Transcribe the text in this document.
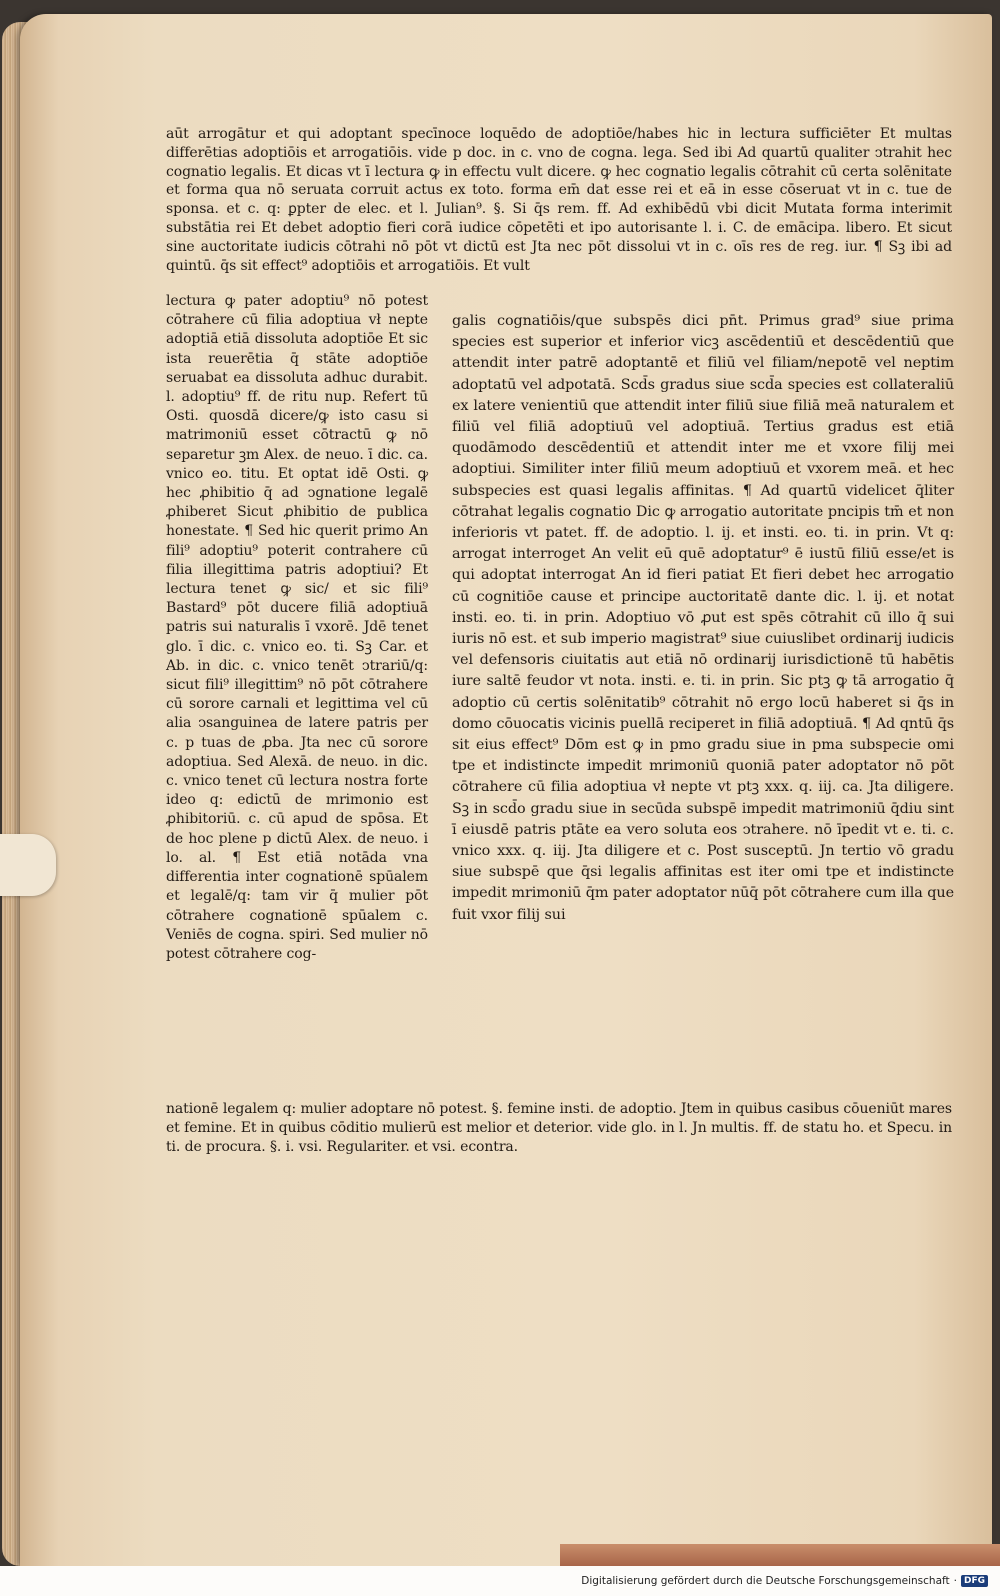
aūt arrogātur et qui adoptant specīnoce loquēdo de adoptiōe/habes hic in lectura sufficiēter Et multas differētias adoptiōis et arrogatiōis. vide p doc. in c. vno de cogna. lega. Sed ibi Ad quartū qualiter ↄtrahit hec cognatio legalis. Et dicas vt ī lectura ꝙ in effectu vult dicere. ꝙ hec cognatio legalis cōtrahit cū certa solēnitate et forma qua nō seruata corruit actus ex toto. forma em̄ dat esse rei et eā in esse cōseruat vt in c. tue de sponsa. et c. q: ꝑpter de elec. et l. Julian⁹. §. Si q̄s rem. ff. Ad exhibēdū vbi dicit Mutata forma interimit substātia rei Et debet adoptio fieri corā iudice cōpetēti et ipo autorisante l. i. C. de emācipa. libero. Et sicut sine auctoritate iudicis cōtrahi nō pōt vt dictū est Jta nec pōt dissolui vt in c. oīs res de reg. iur. ¶ Sꝫ ibi ad quintū. q̄s sit effect⁹ adoptiōis et arrogatiōis. Et vult
lectura ꝙ pater adoptiu⁹ nō potest cōtrahere cū filia adoptiua vł nepte adoptiā etiā dissoluta adoptiōe Et sic ista reuerētia q̄ stāte adoptiōe seruabat ea dissoluta adhuc durabit. l. adoptiu⁹ ff. de ritu nup. Refert tū Osti. quosdā dicere/ꝙ isto casu si matrimoniū esset cōtractū ꝙ nō separetur ꝫm Alex. de neuo. ī dic. ca. vnico eo. titu. Et optat idē Osti. ꝙ hec ꝓhibitio q̄ ad ↄgnatione legalē ꝓhiberet Sicut ꝓhibitio de publica honestate. ¶ Sed hic querit primo An fili⁹ adoptiu⁹ poterit contrahere cū filia illegittima patris adoptiui? Et lectura tenet ꝙ sic/ et sic fili⁹ Bastard⁹ pōt ducere filiā adoptiuā patris sui naturalis ī vxorē. Jdē tenet glo. ī dic. c. vnico eo. ti. Sꝫ Car. et Ab. in dic. c. vnico tenēt ↄtrariū/q: sicut fili⁹ illegittim⁹ nō pōt cōtrahere cū sorore carnali et legittima vel cū alia ↄsanguinea de latere patris per c. p tuas de ꝓba. Jta nec cū sorore adoptiua. Sed Alexā. de neuo. in dic. c. vnico tenet cū lectura nostra forte ideo q: edictū de mrimonio est ꝓhibitoriū. c. cū apud de spōsa. Et de hoc plene p dictū Alex. de neuo. i lo. al. ¶ Est etiā notāda vna differentia inter cognationē spūalem et legalē/q: tam vir q̄ mulier pōt cōtrahere cognationē spūalem c. Veniēs de cogna. spiri. Sed mulier nō potest cōtrahere cog-
galis cognatiōis/que subspēs dici pn̄t. Primus grad⁹ siue prima species est superior et inferior vicꝫ ascēdentiū et descēdentiū que attendit inter patrē adoptantē et filiū vel filiam/nepotē vel neptim adoptatū vel adpotatā. Scd̄s gradus siue scd̄a species est collateraliū ex latere venientiū que attendit inter filiū siue filiā meā naturalem et filiū vel filiā adoptiuū vel adoptiuā. Tertius gradus est etiā quodāmodo descēdentiū et attendit inter me et vxore filij mei adoptiui. Similiter inter filiū meum adoptiuū et vxorem meā. et hec subspecies est quasi legalis affinitas. ¶ Ad quartū videlicet q̄liter cōtrahat legalis cognatio Dic ꝙ arrogatio autoritate pncipis tm̄ et non inferioris vt patet. ff. de adoptio. l. ij. et insti. eo. ti. in prin. Vt q: arrogat interroget An velit eū quē adoptatur⁹ ē iustū filiū esse/et is qui adoptat interrogat An id fieri patiat Et fieri debet hec arrogatio cū cognitiōe cause et principe auctoritatē dante dic. l. ij. et notat insti. eo. ti. in prin. Adoptiuo vō ꝓut est spēs cōtrahit cū illo q̄ sui iuris nō est. et sub imperio magistrat⁹ siue cuiuslibet ordinarij iudicis vel defensoris ciuitatis aut etiā nō ordinarij iurisdictionē tū habētis iure saltē feudor vt nota. insti. e. ti. in prin. Sic ptꝫ ꝙ tā arrogatio q̄ adoptio cū certis solēnitatib⁹ cōtrahit nō ergo locū haberet si q̄s in domo cōuocatis vicinis puellā reciperet in filiā adoptiuā. ¶ Ad qntū q̄s sit eius effect⁹ Dōm est ꝙ in pmo gradu siue in pma subspecie omi tpe et indistincte impedit mrimoniū quoniā pater adoptator nō pōt cōtrahere cū filia adoptiua vł nepte vt ptꝫ xxx. q. iij. ca. Jta diligere. Sꝫ in scd̄o gradu siue in secūda subspē impedit matrimoniū q̄diu sint ī eiusdē patris ptāte ea vero soluta eos ↄtrahere. nō īpedit vt e. ti. c. vnico xxx. q. iij. Jta diligere et c. Post susceptū. Jn tertio vō gradu siue subspē que q̄si legalis affinitas est iter omi tpe et indistincte impedit mrimoniū q̄m pater adoptator nūq̄ pōt cōtrahere cum illa que fuit vxor filij sui
nationē legalem q: mulier adoptare nō potest. §. femine insti. de adoptio. Jtem in quibus casibus cōueniūt mares et femine. Et in quibus cōditio mulierū est melior et deterior. vide glo. in l. Jn multis. ff. de statu ho. et Specu. in ti. de procura. §. i. vsi. Regulariter. et vsi. econtra.
Digitalisierung gefördert durch die Deutsche Forschungsgemeinschaft · DFG
